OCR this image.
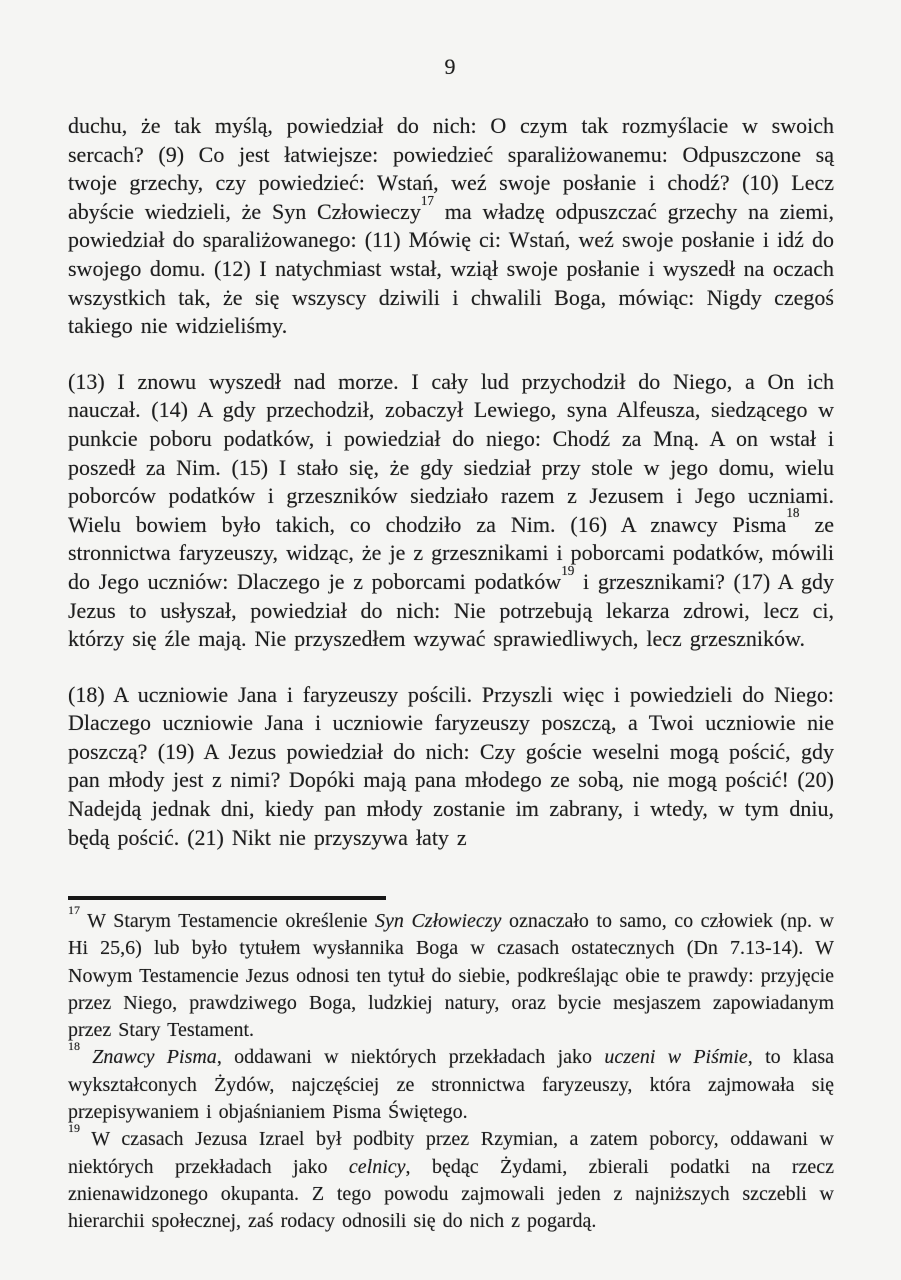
9

duchu, że tak myślą, powiedział do nich: O czym tak rozmyślacie w swoich sercach? (9) Co jest łatwiejsze: powiedzieć sparaliżowanemu: Odpuszczone są twoje grzechy, czy powiedzieć: Wstań, weź swoje posłanie i chodź? (10) Lecz abyście wiedzieli, że Syn Człowieczy$^{17}$ ma władzę odpuszczać grzechy na ziemi, powiedział do sparaliżowanego: (11) Mówię ci: Wstań, weź swoje posłanie i idź do swojego domu. (12) I natychmiast wstał, wziął swoje posłanie i wyszedł na oczach wszystkich tak, że się wszyscy dziwili i chwalili Boga, mówiąc: Nigdy czegoś takiego nie widzieliśmy.

(13) I znowu wyszedł nad morze. I cały lud przychodził do Niego, a On ich nauczał. (14) A gdy przechodził, zobaczył Lewiego, syna Alfeusza, siedzącego w punkcie poboru podatków, i powiedział do niego: Chodź za Mną. A on wstał i poszedł za Nim. (15) I stało się, że gdy siedział przy stole w jego domu, wielu poborców podatków i grzeszników siedziało razem z Jezusem i Jego uczniami. Wielu bowiem było takich, co chodziło za Nim. (16) A znawcy Pisma$^{18}$ ze stronnictwa faryzeuszy, widząc, że je z grzesznikami i poborcami podatków, mówili do Jego uczniów: Dlaczego je z poborcami podatków$^{19}$ i grzesznikami? (17) A gdy Jezus to usłyszał, powiedział do nich: Nie potrzebują lekarza zdrowi, lecz ci, którzy się źle mają. Nie przyszedłem wzywać sprawiedliwych, lecz grzeszników.

(18) A uczniowie Jana i faryzeuszy pościli. Przyszli więc i powiedzieli do Niego: Dlaczego uczniowie Jana i uczniowie faryzeuszy poszczą, a Twoi uczniowie nie poszczą? (19) A Jezus powiedział do nich: Czy goście weselni mogą pościć, gdy pan młody jest z nimi? Dopóki mają pana młodego ze sobą, nie mogą pościć! (20) Nadejdą jednak dni, kiedy pan młody zostanie im zabrany, i wtedy, w tym dniu, będą pościć. (21) Nikt nie przyszywa łaty z

$^{17}$ W Starym Testamencie określenie Syn Człowieczy oznaczało to samo, co człowiek (np. w Hi 25,6) lub było tytułem wysłannika Boga w czasach ostatecznych (Dn 7.13-14). W Nowym Testamencie Jezus odnosi ten tytuł do siebie, podkreślając obie te prawdy: przyjęcie przez Niego, prawdziwego Boga, ludzkiej natury, oraz bycie mesjaszem zapowiadanym przez Stary Testament.

$^{18}$ Znawcy Pisma, oddawani w niektórych przekładach jako uczeni w Piśmie, to klasa wykształconych Żydów, najczęściej ze stronnictwa faryzeuszy, która zajmowała się przepisywaniem i objaśnianiem Pisma Świętego.

$^{19}$ W czasach Jezusa Izrael był podbity przez Rzymian, a zatem poborcy, oddawani w niektórych przekładach jako celnicy, będąc Żydami, zbierali podatki na rzecz znienawidzonego okupanta. Z tego powodu zajmowali jeden z najniższych szczebli w hierarchii społecznej, zaś rodacy odnosili się do nich z pogardą.
